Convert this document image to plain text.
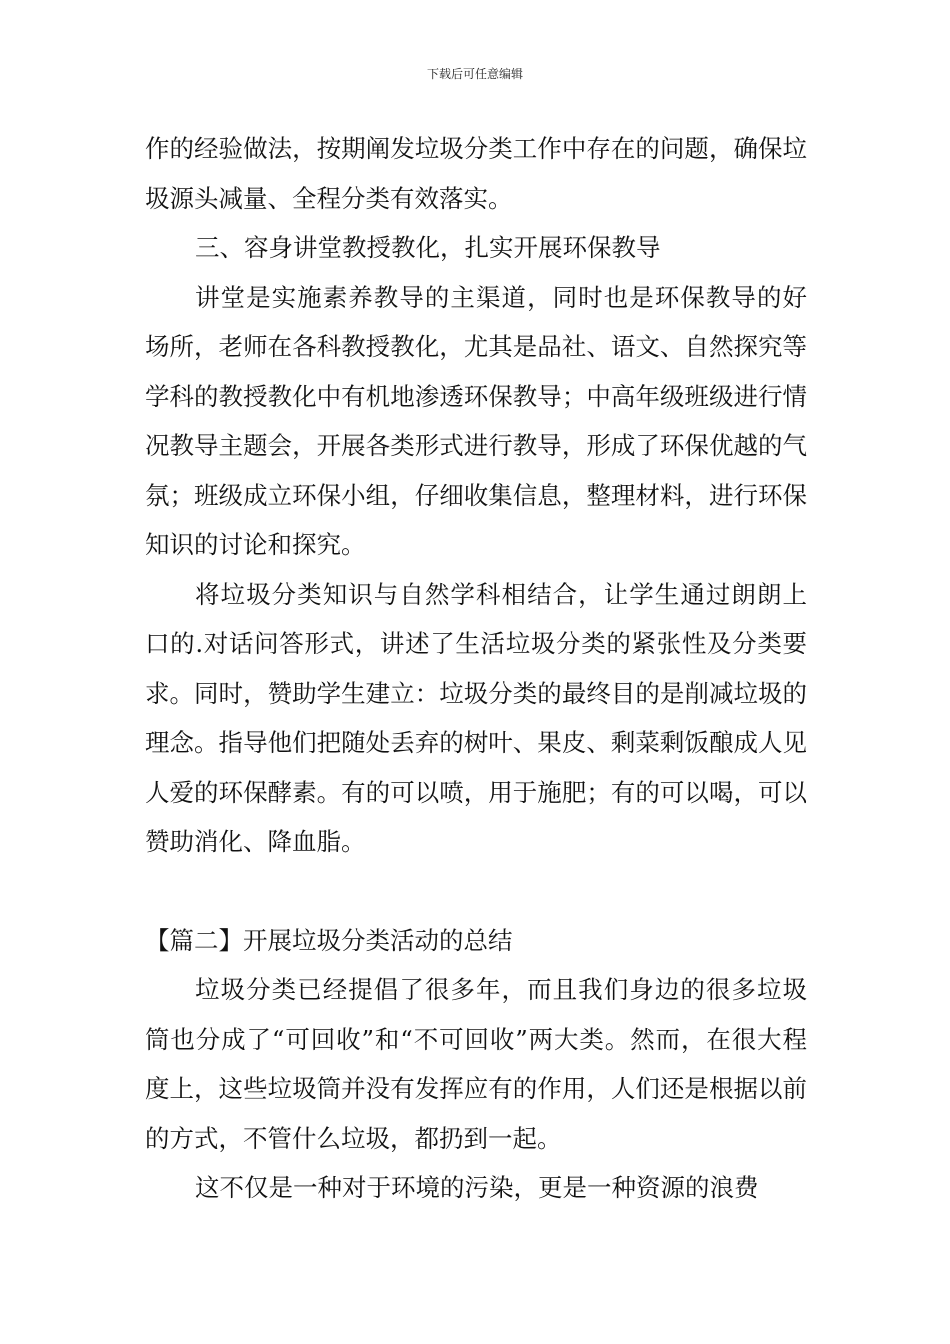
下载后可任意编辑

作的经验做法，按期阐发垃圾分类工作中存在的问题，确保垃圾源头减量、全程分类有效落实。

三、容身讲堂教授教化，扎实开展环保教导

讲堂是实施素养教导的主渠道，同时也是环保教导的好场所，老师在各科教授教化，尤其是品社、语文、自然探究等学科的教授教化中有机地渗透环保教导；中高年级班级进行情况教导主题会，开展各类形式进行教导，形成了环保优越的气氛；班级成立环保小组，仔细收集信息，整理材料，进行环保知识的讨论和探究。

将垃圾分类知识与自然学科相结合，让学生通过朗朗上口的.对话问答形式，讲述了生活垃圾分类的紧张性及分类要求。同时，赞助学生建立：垃圾分类的最终目的是削减垃圾的理念。指导他们把随处丢弃的树叶、果皮、剩菜剩饭酿成人见人爱的环保酵素。有的可以喷，用于施肥；有的可以喝，可以赞助消化、降血脂。

【篇二】开展垃圾分类活动的总结

垃圾分类已经提倡了很多年，而且我们身边的很多垃圾筒也分成了“可回收”和“不可回收”两大类。然而，在很大程度上，这些垃圾筒并没有发挥应有的作用，人们还是根据以前的方式，不管什么垃圾，都扔到一起。

这不仅是一种对于环境的污染，更是一种资源的浪费
